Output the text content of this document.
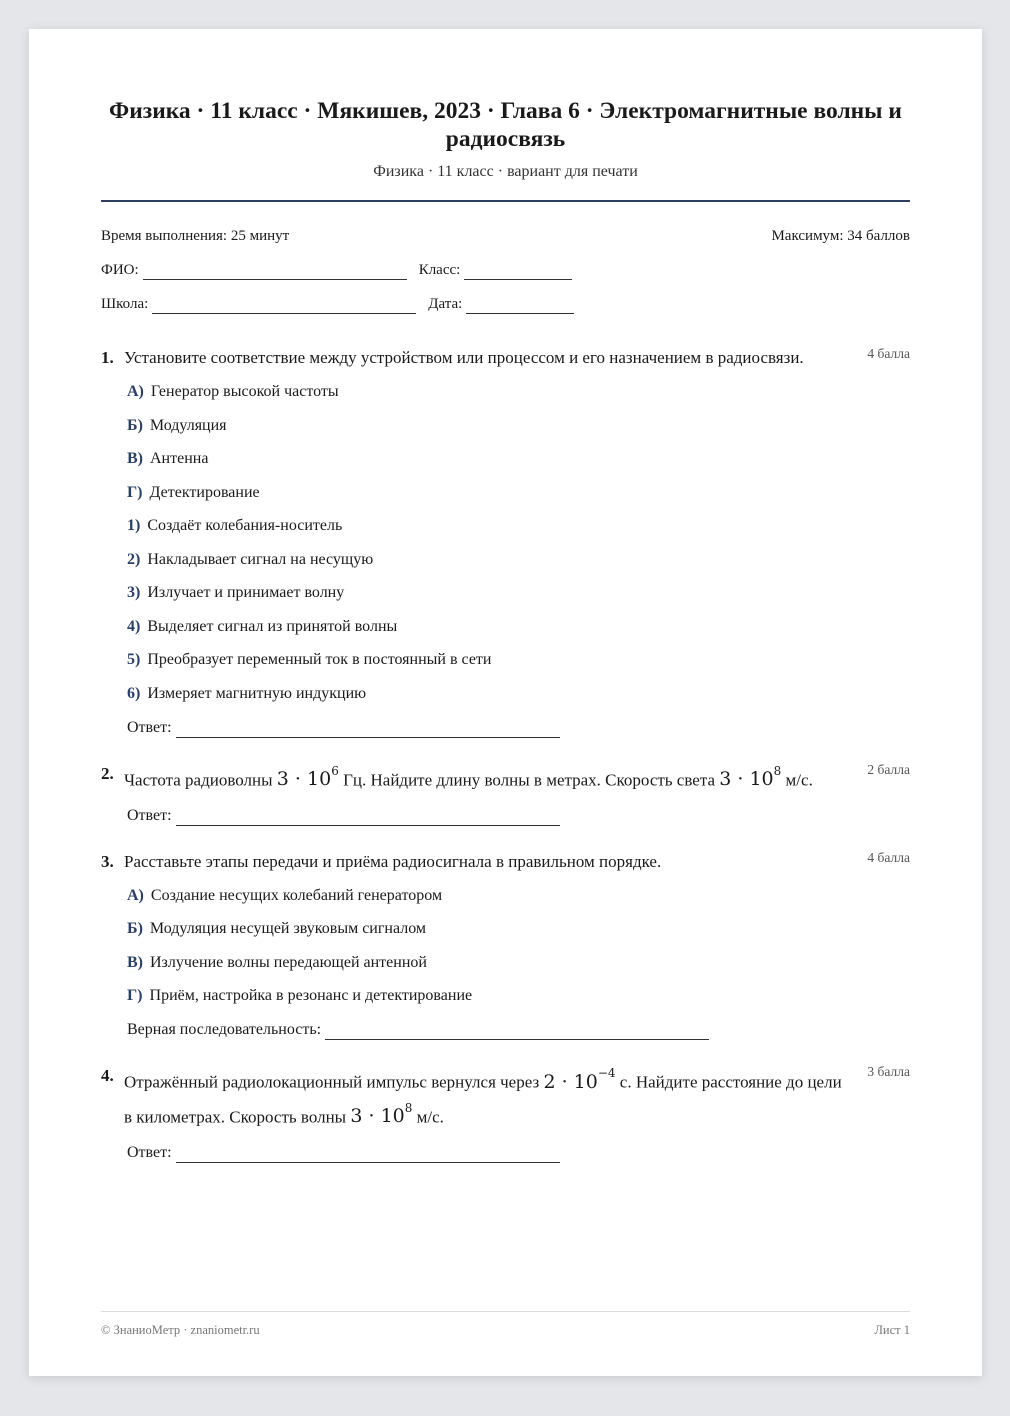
Физика · 11 класс · Мякишев, 2023 · Глава 6 · Электромагнитные волны и радиосвязь
Физика · 11 класс · вариант для печати
Время выполнения: 25 минут	Максимум: 34 баллов
ФИО:	Класс:
Школа:	Дата:
1. Установите соответствие между устройством или процессом и его назначением в радиосвязи.	4 балла
А) Генератор высокой частоты
Б) Модуляция
В) Антенна
Г) Детектирование
1) Создаёт колебания-носитель
2) Накладывает сигнал на несущую
3) Излучает и принимает волну
4) Выделяет сигнал из принятой волны
5) Преобразует переменный ток в постоянный в сети
6) Измеряет магнитную индукцию
Ответ:
2. Частота радиоволны $3 \cdot 10^6$ Гц. Найдите длину волны в метрах. Скорость света $3 \cdot 10^8$ м/с.
2 балла
Ответ:
3. Расставьте этапы передачи и приёма радиосигнала в правильном порядке.	4 балла
А) Создание несущих колебаний генератором
Б) Модуляция несущей звуковым сигналом
В) Излучение волны передающей антенной
Г) Приём, настройка в резонанс и детектирование
Верная последовательность:
4. Отражённый радиолокационный импульс вернулся через $2 \cdot 10^{-4}$ с. Найдите расстояние до цели в километрах. Скорость волны $3 \cdot 10^8$ м/с.
3 балла
Ответ:
© ЗнаниоМетр · znaniometr.ru	Лист 1
